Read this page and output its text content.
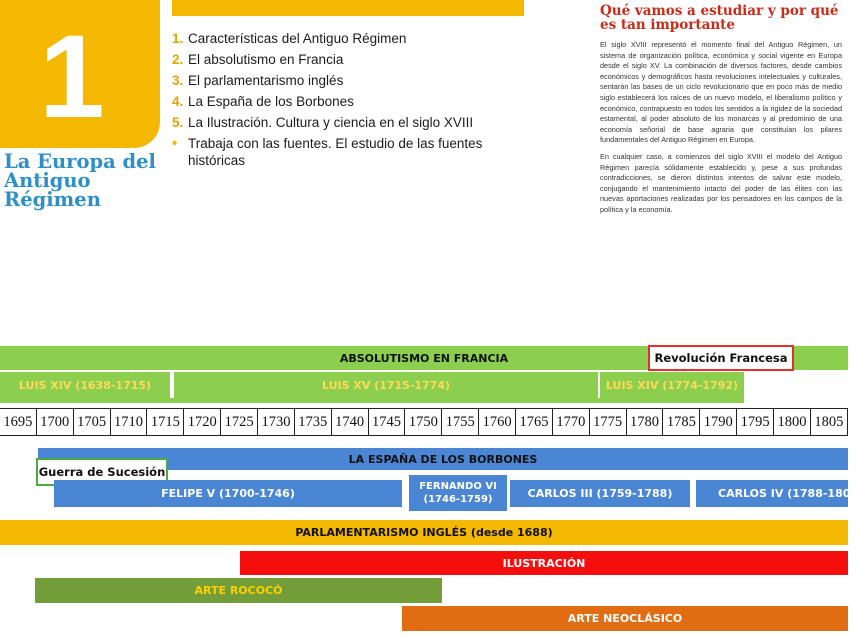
1
La Europa del Antiguo Régimen
1. Características del Antiguo Régimen
2. El absolutismo en Francia
3. El parlamentarismo inglés
4. La España de los Borbones
5. La Ilustración. Cultura y ciencia en el siglo XVIII
• Trabaja con las fuentes. El estudio de las fuentes históricas
Qué vamos a estudiar y por qué es tan importante

El siglo XVIII representó el momento final del Antiguo Régimen, un sistema de organización política, económica y social vigente en Europa desde el siglo XV. La combinación de diversos factores, desde cambios económicos y demográficos hasta revoluciones intelectuales y culturales, sentarán las bases de un ciclo revolucionario que en poco más de medio siglo establecerá los raíces de un nuevo modelo, el liberalismo político y económico, contrapuesto en todos los sentidos a la rigidez de la sociedad estamental, al poder absoluto de los monarcas y al predominio de una economía señorial de base agraria que constituían los pilares fundamentales del Antiguo Régimen en Europa.

En cualquier caso, a comienzos del siglo XVIII el modelo del Antiguo Régimen parecía sólidamente establecido y, pese a sus profundas contradicciones, se dieron distintos intentos de salvar este modelo, conjugando el mantenimiento intacto del poder de las élites con las nuevas aportaciones realizadas por los pensadores en los campos de la política y la economía.

ABSOLUTISMO EN FRANCIA	Revolución Francesa
LUIS XIV (1638-1715)	LUIS XV (1715-1774)	LUIS XIV (1774-1792)
1695 1700 1705 1710 1715 1720 1725 1730 1735 1740 1745 1750 1755 1760 1765 1770 1775 1780 1785 1790 1795 1800 1805
LA ESPAÑA DE LOS BORBONES
Guerra de Sucesión
FELIPE V (1700-1746)
FERNANDO VI
(1746-1759)	CARLOS III (1759-1788)	CARLOS IV (1788-1808)
PARLAMENTARISMO INGLÉS (desde 1688)
ILUSTRACIÓN
ARTE ROCOCÓ
ARTE NEOCLÁSICO
